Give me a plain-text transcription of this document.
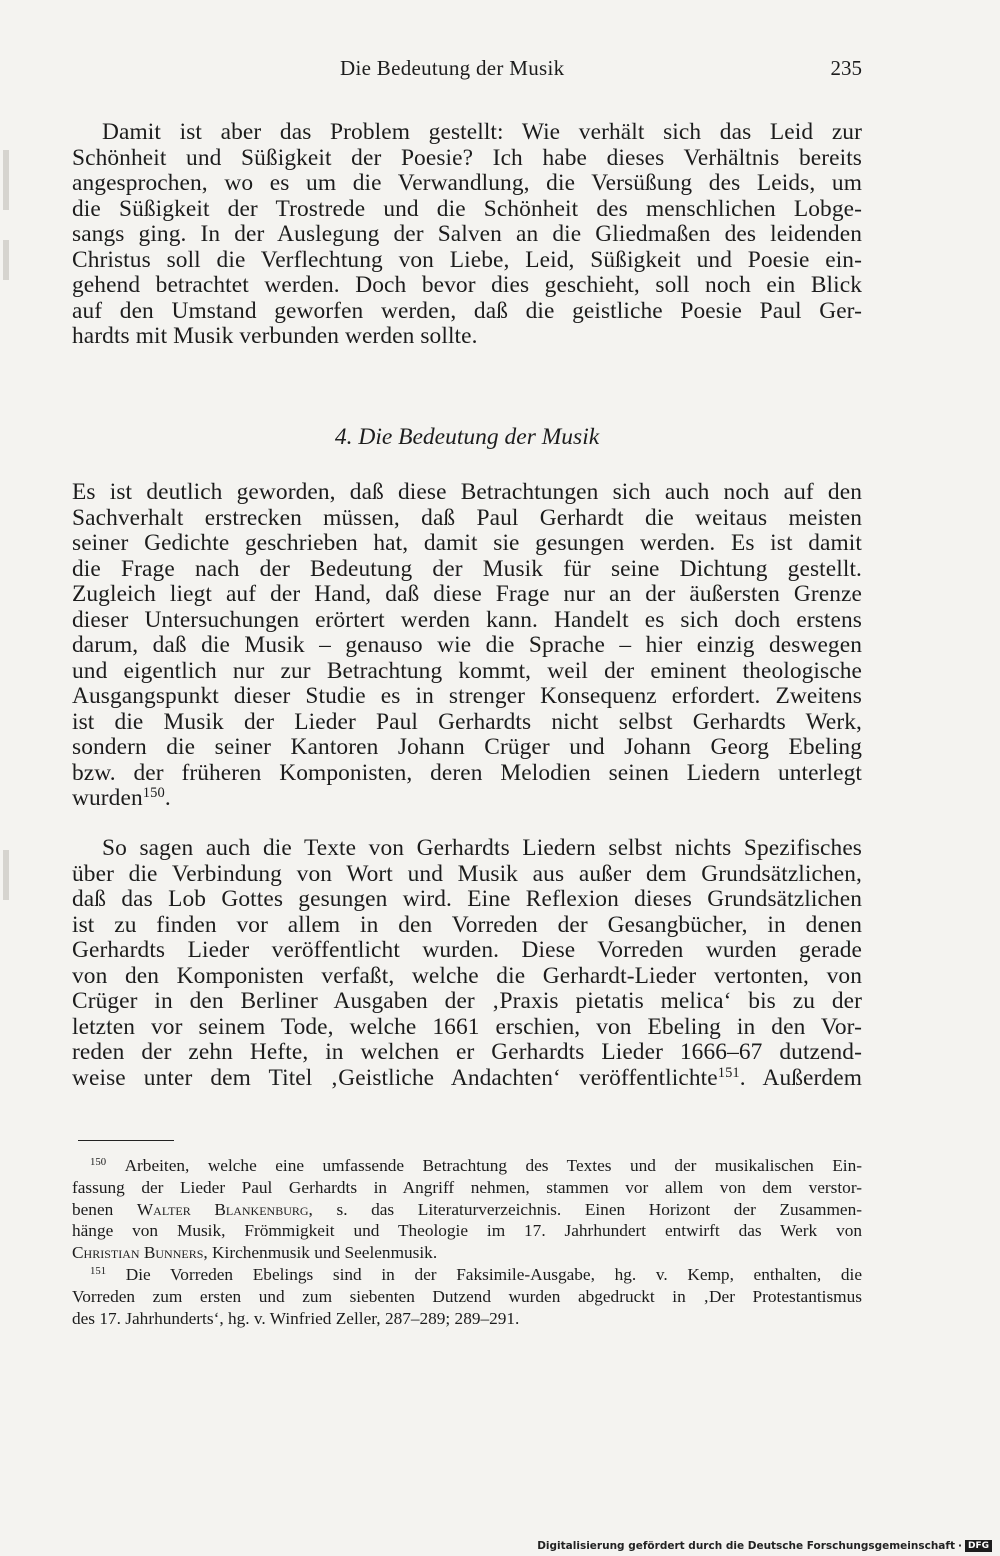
Die Bedeutung der Musik	235
Damit ist aber das Problem gestellt: Wie verhält sich das Leid zur
Schönheit und Süßigkeit der Poesie? Ich habe dieses Verhältnis bereits
angesprochen, wo es um die Verwandlung, die Versüßung des Leids, um
die Süßigkeit der Trostrede und die Schönheit des menschlichen Lobge-
sangs ging. In der Auslegung der Salven an die Gliedmaßen des leidenden
Christus soll die Verflechtung von Liebe, Leid, Süßigkeit und Poesie ein-
gehend betrachtet werden. Doch bevor dies geschieht, soll noch ein Blick
auf den Umstand geworfen werden, daß die geistliche Poesie Paul Ger-
hardts mit Musik verbunden werden sollte.
4. Die Bedeutung der Musik
Es ist deutlich geworden, daß diese Betrachtungen sich auch noch auf den
Sachverhalt erstrecken müssen, daß Paul Gerhardt die weitaus meisten
seiner Gedichte geschrieben hat, damit sie gesungen werden. Es ist damit
die Frage nach der Bedeutung der Musik für seine Dichtung gestellt.
Zugleich liegt auf der Hand, daß diese Frage nur an der äußersten Grenze
dieser Untersuchungen erörtert werden kann. Handelt es sich doch erstens
darum, daß die Musik – genauso wie die Sprache – hier einzig deswegen
und eigentlich nur zur Betrachtung kommt, weil der eminent theologische
Ausgangspunkt dieser Studie es in strenger Konsequenz erfordert. Zweitens
ist die Musik der Lieder Paul Gerhardts nicht selbst Gerhardts Werk,
sondern die seiner Kantoren Johann Crüger und Johann Georg Ebeling
bzw. der früheren Komponisten, deren Melodien seinen Liedern unterlegt
wurden$^{150}$.
So sagen auch die Texte von Gerhardts Liedern selbst nichts Spezifisches
über die Verbindung von Wort und Musik aus außer dem Grundsätzlichen,
daß das Lob Gottes gesungen wird. Eine Reflexion dieses Grundsätzlichen
ist zu finden vor allem in den Vorreden der Gesangbücher, in denen
Gerhardts Lieder veröffentlicht wurden. Diese Vorreden wurden gerade
von den Komponisten verfaßt, welche die Gerhardt-Lieder vertonten, von
Crüger in den Berliner Ausgaben der ‚Praxis pietatis melica‘ bis zu der
letzten vor seinem Tode, welche 1661 erschien, von Ebeling in den Vor-
reden der zehn Hefte, in welchen er Gerhardts Lieder 1666–67 dutzend-
weise unter dem Titel ‚Geistliche Andachten‘ veröffentlichte$^{151}$. Außerdem
$^{150}$ Arbeiten, welche eine umfassende Betrachtung des Textes und der musikalischen Ein-
fassung der Lieder Paul Gerhardts in Angriff nehmen, stammen vor allem von dem verstor-
benen Walter Blankenburg, s. das Literaturverzeichnis. Einen Horizont der Zusammen-
hänge von Musik, Frömmigkeit und Theologie im 17. Jahrhundert entwirft das Werk von
Christian Bunners, Kirchenmusik und Seelenmusik.
$^{151}$ Die Vorreden Ebelings sind in der Faksimile-Ausgabe, hg. v. Kemp, enthalten, die
Vorreden zum ersten und zum siebenten Dutzend wurden abgedruckt in ‚Der Protestantismus
des 17. Jahrhunderts‘, hg. v. Winfried Zeller, 287–289; 289–291.
Digitalisierung gefördert durch die Deutsche Forschungsgemeinschaft · DFG
